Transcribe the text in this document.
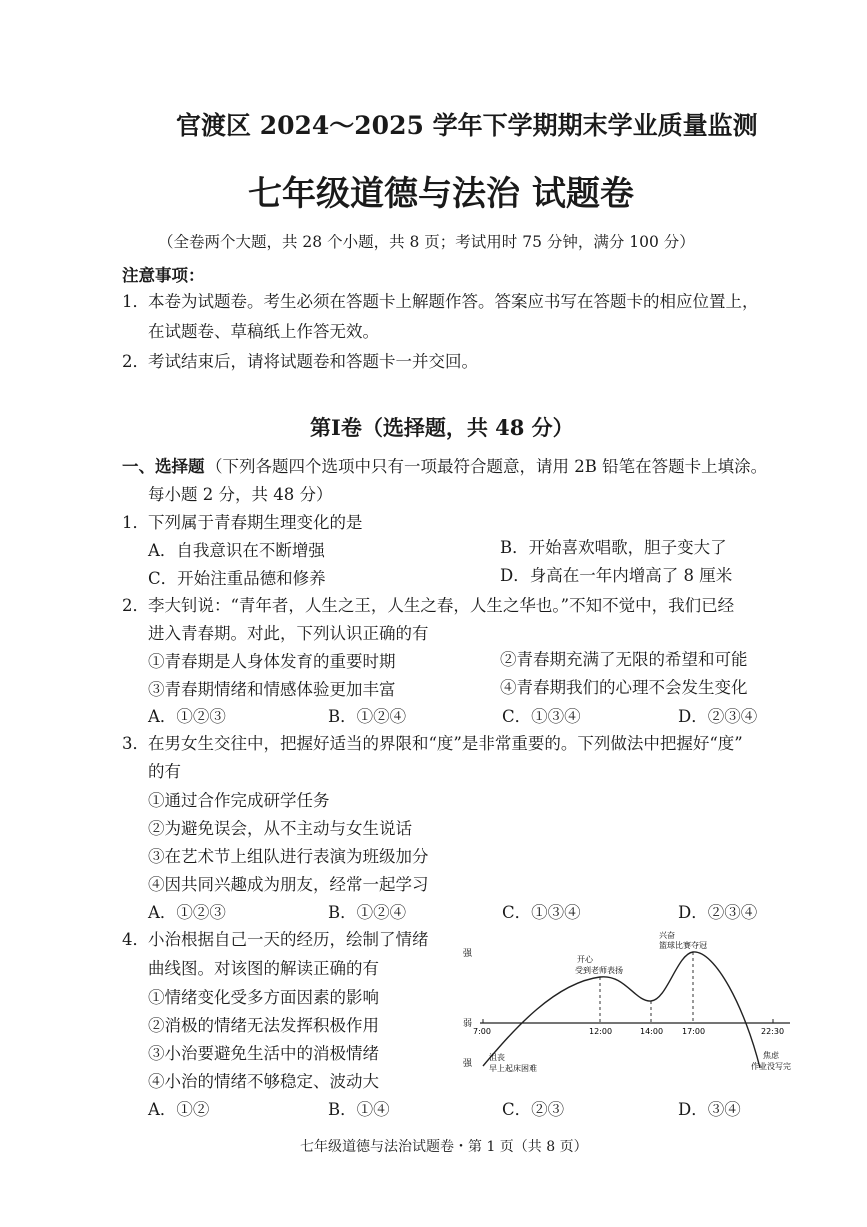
官渡区 2024～2025 学年下学期期末学业质量监测
七年级道德与法治 试题卷
（全卷两个大题，共 28 个小题，共 8 页；考试用时 75 分钟，满分 100 分）
注意事项：
1． 本卷为试题卷。考生必须在答题卡上解题作答。答案应书写在答题卡的相应位置上，
在试题卷、草稿纸上作答无效。
2． 考试结束后，请将试题卷和答题卡一并交回。
第Ⅰ卷（选择题，共 48 分）
一、选择题 （下列各题四个选项中只有一项最符合题意，请用 2B 铅笔在答题卡上填涂。
每小题 2 分，共 48 分）
1． 下列属于青春期生理变化的是
A．自我意识在不断增强	B．开始喜欢唱歌，胆子变大了
C．开始注重品德和修养	D．身高在一年内增高了 8 厘米
2． 李大钊说：“青年者，人生之王，人生之春，人生之华也。”不知不觉中，我们已经
进入青春期。对此，下列认识正确的有
①青春期是人身体发育的重要时期	②青春期充满了无限的希望和可能
③青春期情绪和情感体验更加丰富	④青春期我们的心理不会发生变化
A．①②③	B．①②④	C．①③④	D．②③④
3． 在男女生交往中，把握好适当的界限和“度”是非常重要的。下列做法中把握好“度”
的有
①通过合作完成研学任务
②为避免误会，从不主动与女生说话
③在艺术节上组队进行表演为班级加分
④因共同兴趣成为朋友，经常一起学习
A．①②③	B．①②④	C．①③④	D．②③④
4． 小治根据自己一天的经历，绘制了情绪
曲线图。对该图的解读正确的有
①情绪变化受多方面因素的影响
②消极的情绪无法发挥积极作用
③小治要避免生活中的消极情绪
④小治的情绪不够稳定、波动大
A．①②	B．①④	C．②③	D．③④
强
弱
强
7:00	12:00	14:00 17:00	22:30
沮丧
早上起床困难
开心
受到老师表扬
兴奋
篮球比赛夺冠
焦虑
作业没写完
七年级道德与法治试题卷・第 1 页（共 8 页）
